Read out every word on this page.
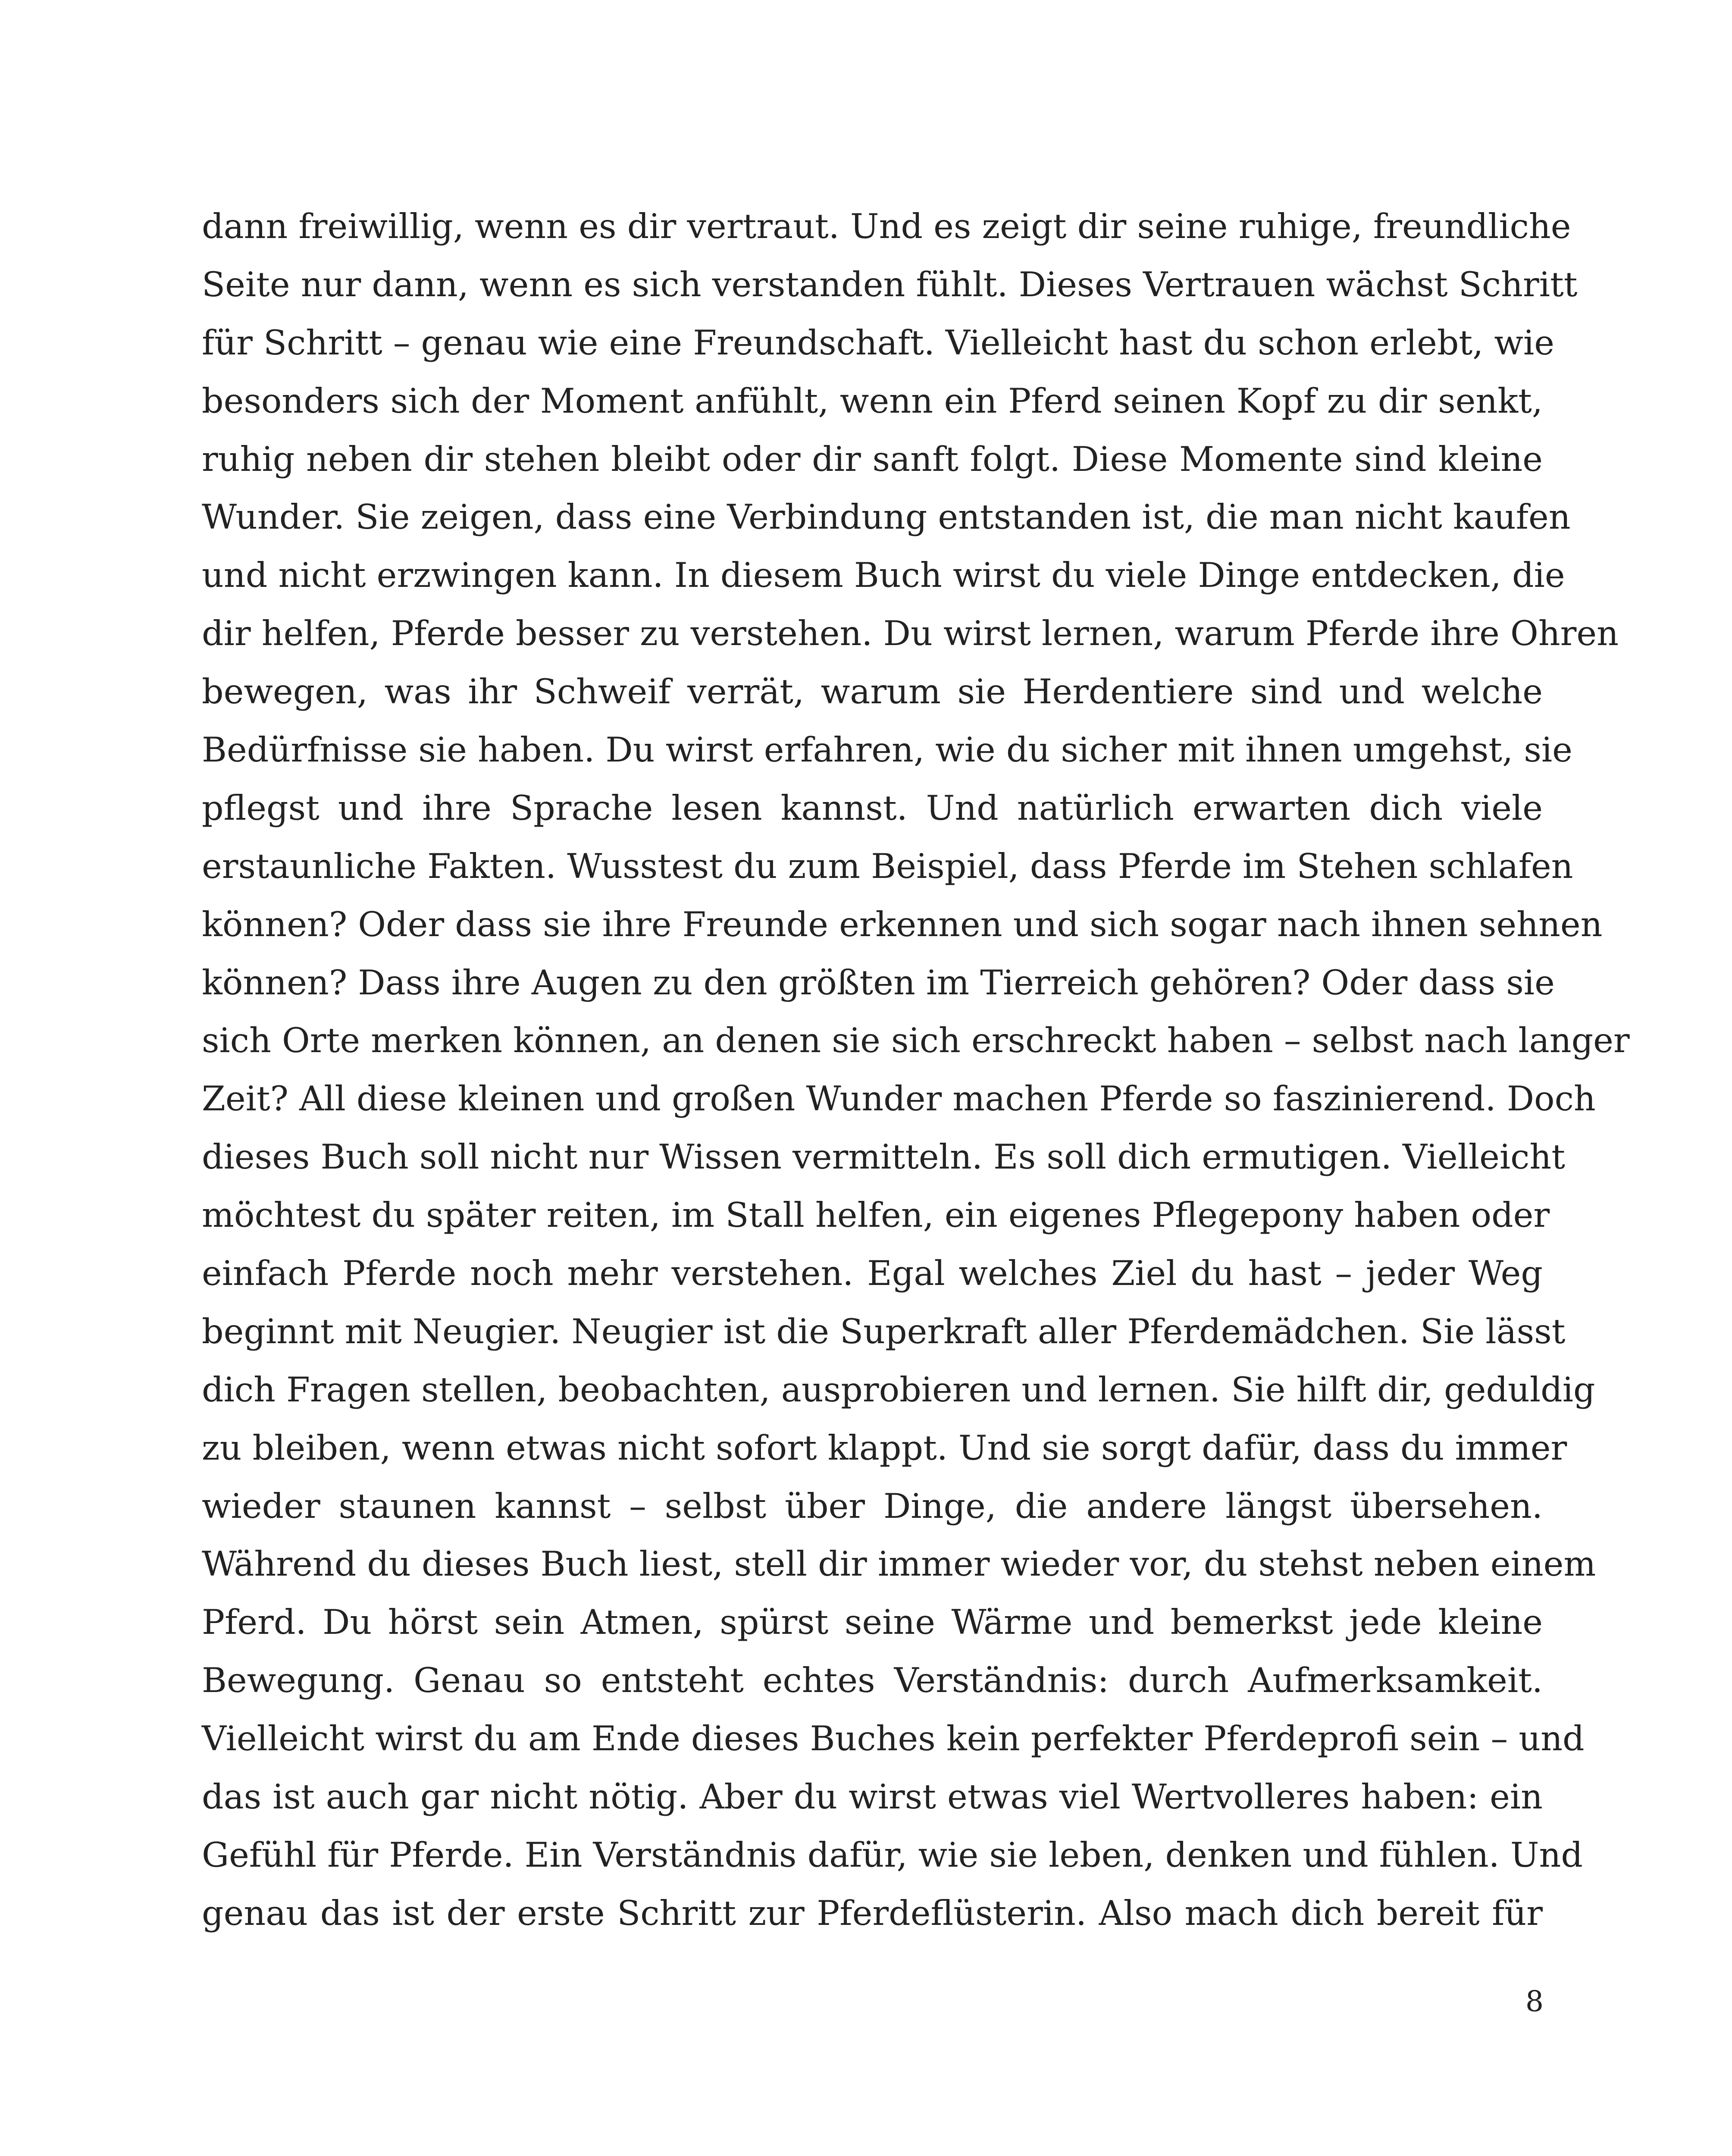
dann freiwillig, wenn es dir vertraut. Und es zeigt dir seine ruhige, freundliche
Seite nur dann, wenn es sich verstanden fühlt. Dieses Vertrauen wächst Schritt
für Schritt – genau wie eine Freundschaft. Vielleicht hast du schon erlebt, wie
besonders sich der Moment anfühlt, wenn ein Pferd seinen Kopf zu dir senkt,
ruhig neben dir stehen bleibt oder dir sanft folgt. Diese Momente sind kleine
Wunder. Sie zeigen, dass eine Verbindung entstanden ist, die man nicht kaufen
und nicht erzwingen kann. In diesem Buch wirst du viele Dinge entdecken, die
dir helfen, Pferde besser zu verstehen. Du wirst lernen, warum Pferde ihre Ohren
bewegen, was ihr Schweif verrät, warum sie Herdentiere sind und welche
Bedürfnisse sie haben. Du wirst erfahren, wie du sicher mit ihnen umgehst, sie
pflegst und ihre Sprache lesen kannst. Und natürlich erwarten dich viele
erstaunliche Fakten. Wusstest du zum Beispiel, dass Pferde im Stehen schlafen
können? Oder dass sie ihre Freunde erkennen und sich sogar nach ihnen sehnen
können? Dass ihre Augen zu den größten im Tierreich gehören? Oder dass sie
sich Orte merken können, an denen sie sich erschreckt haben – selbst nach langer
Zeit? All diese kleinen und großen Wunder machen Pferde so faszinierend. Doch
dieses Buch soll nicht nur Wissen vermitteln. Es soll dich ermutigen. Vielleicht
möchtest du später reiten, im Stall helfen, ein eigenes Pflegepony haben oder
einfach Pferde noch mehr verstehen. Egal welches Ziel du hast – jeder Weg
beginnt mit Neugier. Neugier ist die Superkraft aller Pferdemädchen. Sie lässt
dich Fragen stellen, beobachten, ausprobieren und lernen. Sie hilft dir, geduldig
zu bleiben, wenn etwas nicht sofort klappt. Und sie sorgt dafür, dass du immer
wieder staunen kannst – selbst über Dinge, die andere längst übersehen.
Während du dieses Buch liest, stell dir immer wieder vor, du stehst neben einem
Pferd. Du hörst sein Atmen, spürst seine Wärme und bemerkst jede kleine
Bewegung. Genau so entsteht echtes Verständnis: durch Aufmerksamkeit.
Vielleicht wirst du am Ende dieses Buches kein perfekter Pferdeprofi sein – und
das ist auch gar nicht nötig. Aber du wirst etwas viel Wertvolleres haben: ein
Gefühl für Pferde. Ein Verständnis dafür, wie sie leben, denken und fühlen. Und
genau das ist der erste Schritt zur Pferdeflüsterin. Also mach dich bereit für
8
